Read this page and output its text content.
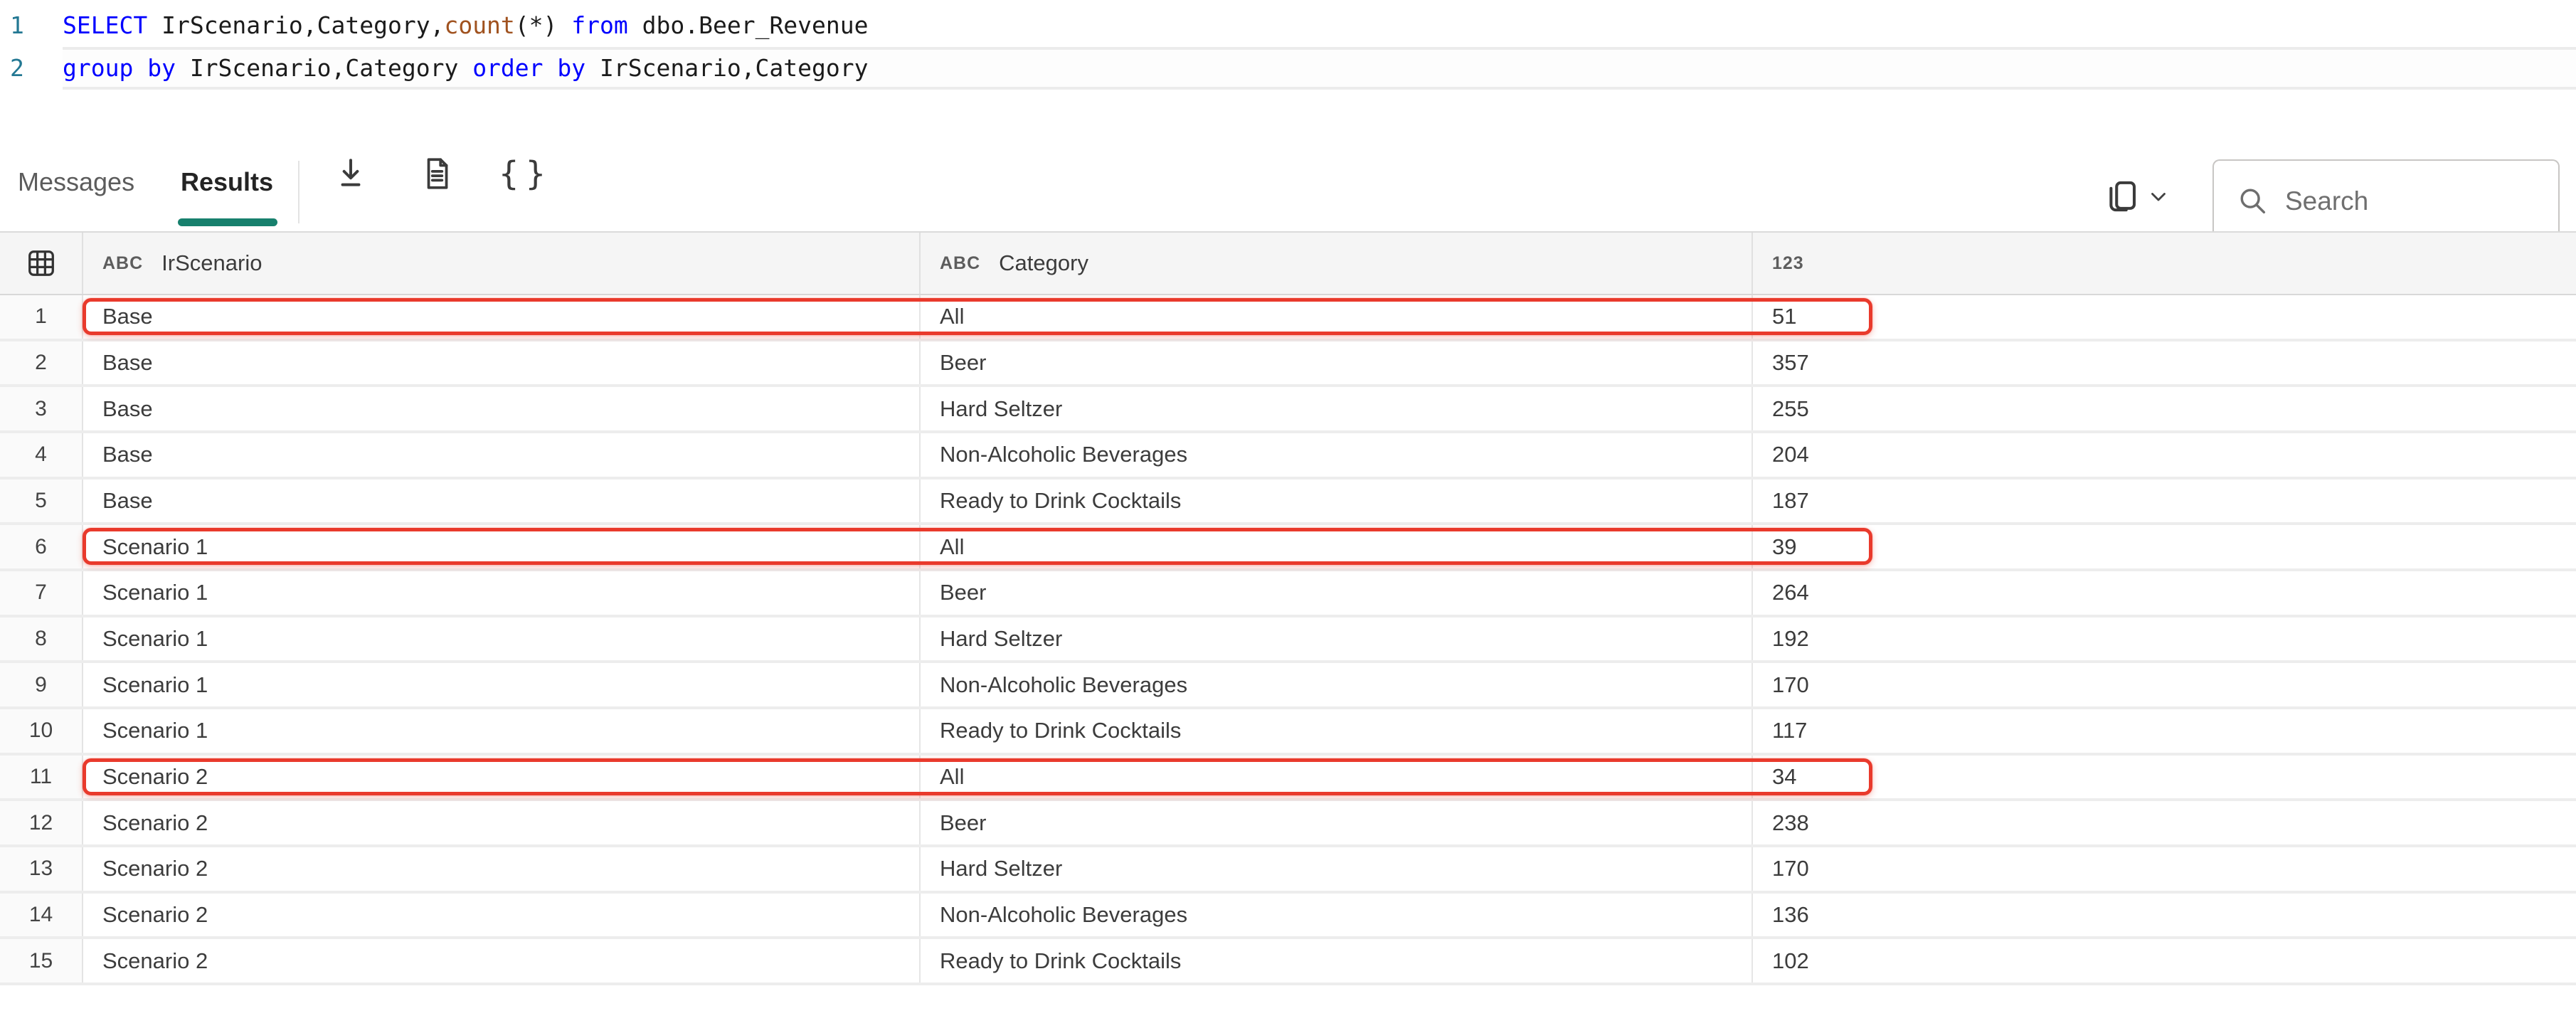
1	SELECT IrScenario,Category,count(*) from dbo.Beer_Revenue
2	group by IrScenario,Category order by IrScenario,Category
Messages Results	{}
Search
ABC IrScenario	ABC Category	123
1	Base	All	51
2	Base	Beer	357
3	Base	Hard Seltzer	255
4	Base	Non-Alcoholic Beverages	204
5	Base	Ready to Drink Cocktails	187
6	Scenario 1	All	39
7	Scenario 1	Beer	264
8	Scenario 1	Hard Seltzer	192
9	Scenario 1	Non-Alcoholic Beverages	170
10	Scenario 1	Ready to Drink Cocktails	117
11	Scenario 2	All	34
12	Scenario 2	Beer	238
13	Scenario 2	Hard Seltzer	170
14	Scenario 2	Non-Alcoholic Beverages	136
15	Scenario 2	Ready to Drink Cocktails	102
